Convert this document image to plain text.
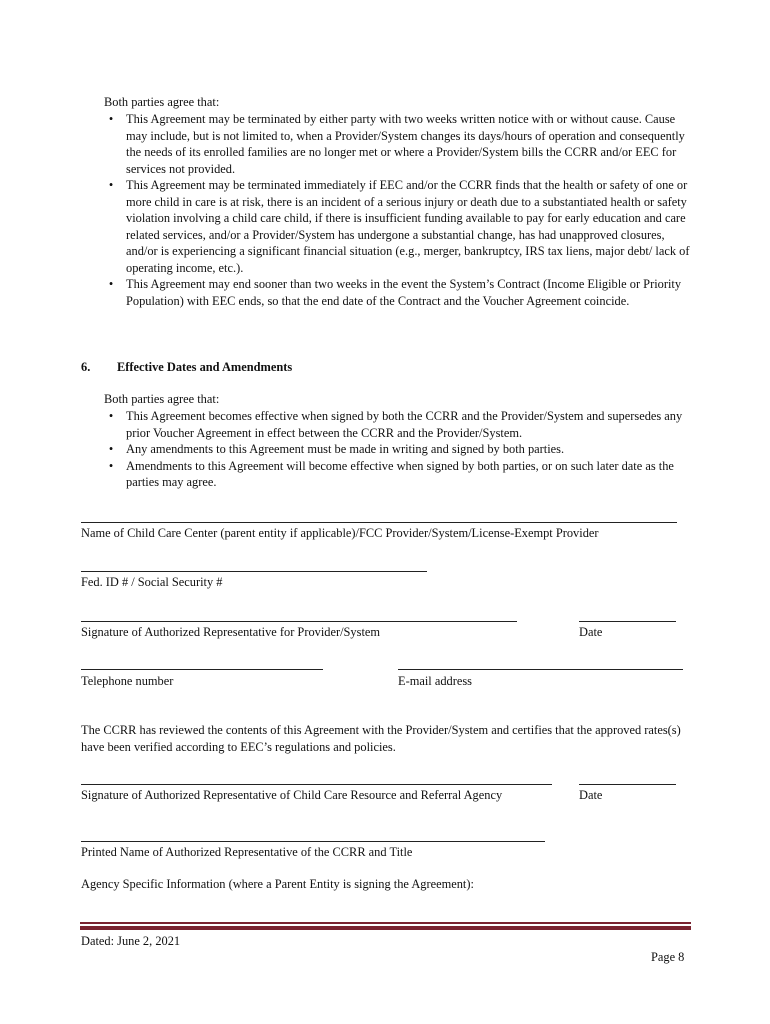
Both parties agree that:
•	This Agreement may be terminated by either party with two weeks written notice with or without cause. Cause may include, but is not limited to, when a Provider/System changes its days/hours of operation and consequently the needs of its enrolled families are no longer met or where a Provider/System bills the CCRR and/or EEC for services not provided.
•	This Agreement may be terminated immediately if EEC and/or the CCRR finds that the health or safety of one or more child in care is at risk, there is an incident of a serious injury or death due to a substantiated health or safety violation involving a child care child, if there is insufficient funding available to pay for early education and care related services, and/or a Provider/System has undergone a substantial change, has had unapproved closures, and/or is experiencing a significant financial situation (e.g., merger, bankruptcy, IRS tax liens, major debt/ lack of operating income, etc.).
•	This Agreement may end sooner than two weeks in the event the System’s Contract (Income Eligible or Priority Population) with EEC ends, so that the end date of the Contract and the Voucher Agreement coincide.
6. Effective Dates and Amendments
Both parties agree that:
•	This Agreement becomes effective when signed by both the CCRR and the Provider/System and supersedes any prior Voucher Agreement in effect between the CCRR and the Provider/System.
•	Any amendments to this Agreement must be made in writing and signed by both parties.
•	Amendments to this Agreement will become effective when signed by both parties, or on such later date as the parties may agree.
Name of Child Care Center (parent entity if applicable)/FCC Provider/System/License-Exempt Provider
Fed. ID # / Social Security #
Signature of Authorized Representative for Provider/System	Date
Telephone number	E-mail address
The CCRR has reviewed the contents of this Agreement with the Provider/System and certifies that the approved rates(s) have been verified according to EEC’s regulations and policies.
Signature of Authorized Representative of Child Care Resource and Referral Agency	Date
Printed Name of Authorized Representative of the CCRR and Title
Agency Specific Information (where a Parent Entity is signing the Agreement):
Dated: June 2, 2021
Page 8
